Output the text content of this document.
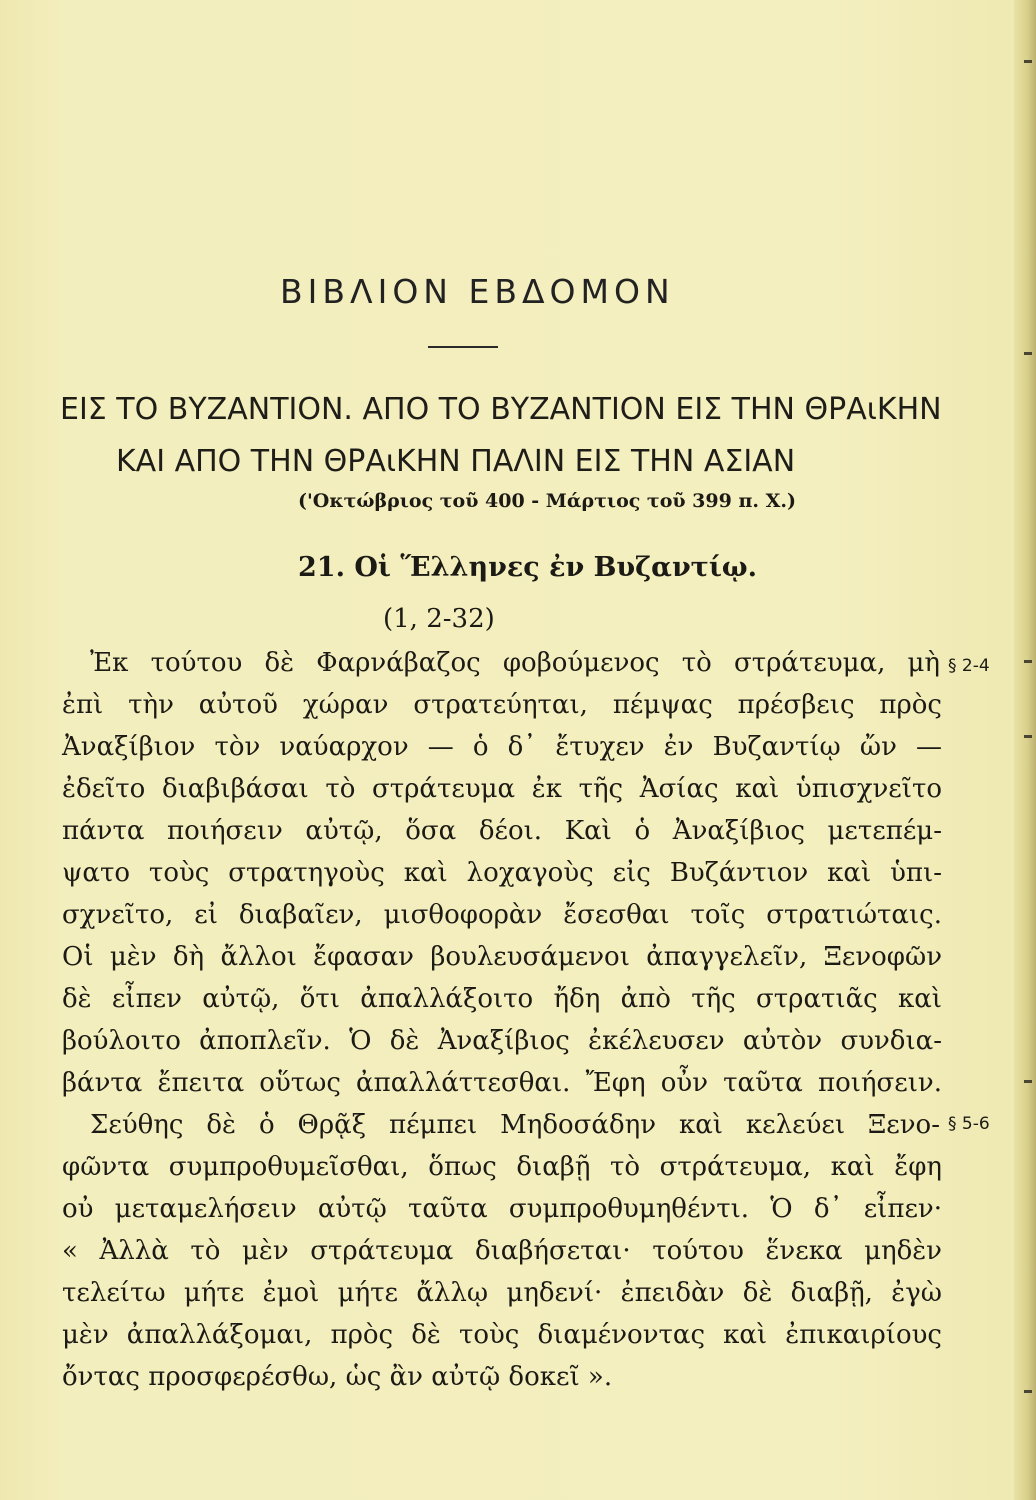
ΒΙΒΛΙΟΝ ΕΒΔΟΜΟΝ
ΕΙΣ ΤΟ ΒΥΖΑΝΤΙΟΝ. ΑΠΟ ΤΟ ΒΥΖΑΝΤΙΟΝ ΕΙΣ ΤΗΝ ΘΡΑιΚΗΝ
ΚΑΙ ΑΠΟ ΤΗΝ ΘΡΑιΚΗΝ ΠΑΛΙΝ ΕΙΣ ΤΗΝ ΑΣΙΑΝ
('Οκτώβριος τοῦ 400 - Μάρτιος τοῦ 399 π. Χ.)
21. Οἱ Ἕλληνες ἐν Βυζαντίῳ.
(1, 2-32)
Ἐκ τούτου δὲ Φαρνάβαζος φοβούμενος τὸ στράτευμα, μὴ
ἐπὶ τὴν αὐτοῦ χώραν στρατεύηται, πέμψας πρέσβεις πρὸς
Ἀναξίβιον τὸν ναύαρχον — ὁ δ᾽ ἔτυχεν ἐν Βυζαντίῳ ὤν —
ἐδεῖτο διαβιβάσαι τὸ στράτευμα ἐκ τῆς Ἀσίας καὶ ὑπισχνεῖτο
πάντα ποιήσειν αὐτῷ, ὅσα δέοι. Καὶ ὁ Ἀναξίβιος μετεπέμ-
ψατο τοὺς στρατηγοὺς καὶ λοχαγοὺς εἰς Βυζάντιον καὶ ὑπι-
σχνεῖτο, εἰ διαβαῖεν, μισθοφορὰν ἔσεσθαι τοῖς στρατιώταις.
Οἱ μὲν δὴ ἄλλοι ἔφασαν βουλευσάμενοι ἀπαγγελεῖν, Ξενοφῶν
δὲ εἶπεν αὐτῷ, ὅτι ἀπαλλάξοιτο ἤδη ἀπὸ τῆς στρατιᾶς καὶ
βούλοιτο ἀποπλεῖν. Ὁ δὲ Ἀναξίβιος ἐκέλευσεν αὐτὸν συνδια-
βάντα ἔπειτα οὕτως ἀπαλλάττεσθαι. Ἔφη οὖν ταῦτα ποιήσειν.
Σεύθης δὲ ὁ Θρᾷξ πέμπει Μηδοσάδην καὶ κελεύει Ξενο-
φῶντα συμπροθυμεῖσθαι, ὅπως διαβῇ τὸ στράτευμα, καὶ ἔφη
οὐ μεταμελήσειν αὐτῷ ταῦτα συμπροθυμηθέντι. Ὁ δ᾽ εἶπεν·
« Ἀλλὰ τὸ μὲν στράτευμα διαβήσεται· τούτου ἕνεκα μηδὲν
τελείτω μήτε ἐμοὶ μήτε ἄλλῳ μηδενί· ἐπειδὰν δὲ διαβῇ, ἐγὼ
μὲν ἀπαλλάξομαι, πρὸς δὲ τοὺς διαμένοντας καὶ ἐπικαιρίους
ὄντας προσφερέσθω, ὡς ἂν αὐτῷ δοκεῖ ».
§ 2-4
§ 5-6
